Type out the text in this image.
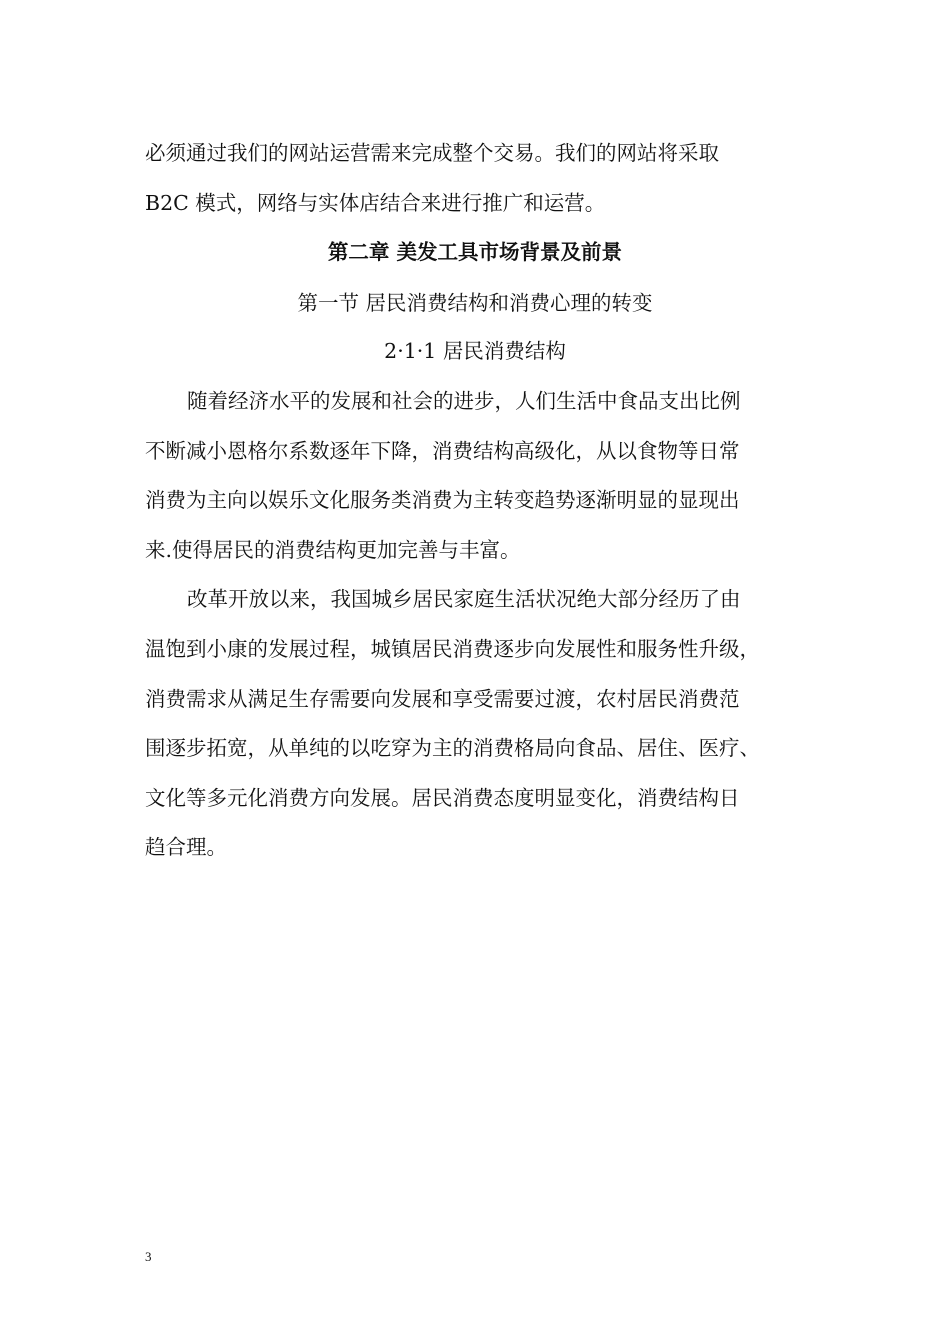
必须通过我们的网站运营需来完成整个交易。我们的网站将采取
B2C 模式，网络与实体店结合来进行推广和运营。
第二章 美发工具市场背景及前景
第一节 居民消费结构和消费心理的转变
2·1·1 居民消费结构
随着经济水平的发展和社会的进步，人们生活中食品支出比例
不断减小恩格尔系数逐年下降，消费结构高级化，从以食物等日常
消费为主向以娱乐文化服务类消费为主转变趋势逐渐明显的显现出
来.使得居民的消费结构更加完善与丰富。
改革开放以来，我国城乡居民家庭生活状况绝大部分经历了由
温饱到小康的发展过程，城镇居民消费逐步向发展性和服务性升级，
消费需求从满足生存需要向发展和享受需要过渡，农村居民消费范
围逐步拓宽，从单纯的以吃穿为主的消费格局向食品、居住、医疗、
文化等多元化消费方向发展。居民消费态度明显变化，消费结构日
趋合理。
3
